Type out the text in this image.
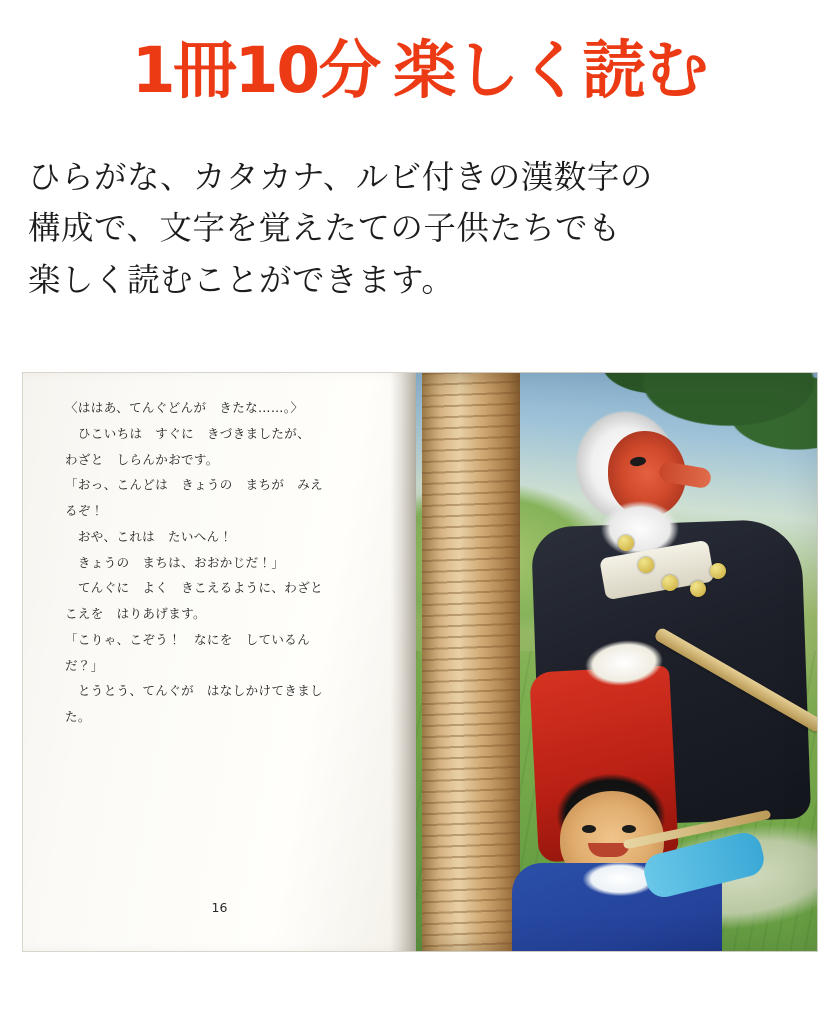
1冊10分 楽しく読む

ひらがな、カタカナ、ルビ付きの漢数字の
構成で、文字を覚えたての子供たちでも
楽しく読むことができます。

〈ははあ、てんぐどんが　きたな……。〉

　ひこいちは　すぐに　きづきましたが、

わざと　しらんかおです。

「おっ、こんどは　きょうの　まちが　みえ

るぞ！

　おや、これは　たいへん！

　きょうの　まちは、おおかじだ！」

　てんぐに　よく　きこえるように、わざと

こえを　はりあげます。

「こりゃ、こぞう！　なにを　しているん

だ？」

　とうとう、てんぐが　はなしかけてきまし

た。

16
